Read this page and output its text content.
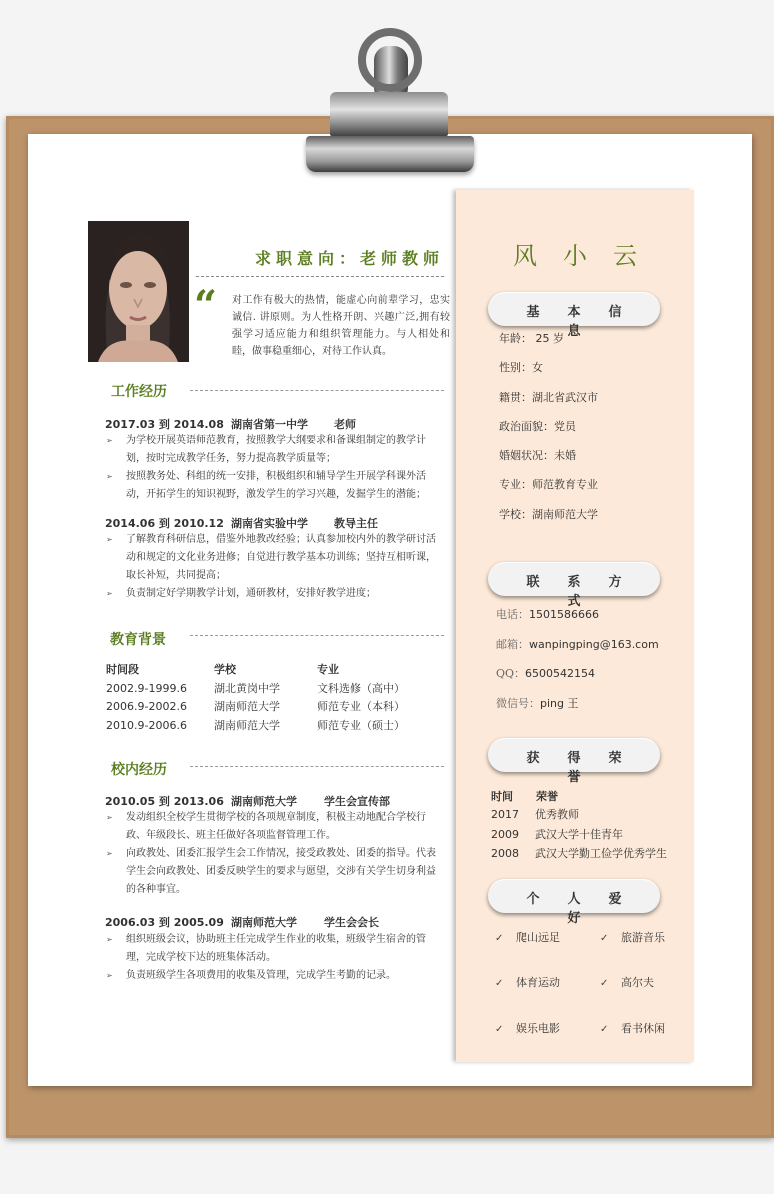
求职意向：老师教师
“ 对工作有极大的热情，能虚心向前辈学习，忠实诚信. 讲原则。为人性格开朗、兴趣广泛,拥有较强学习适应能力和组织管理能力。与人相处和睦，做事稳重细心，对待工作认真。
工作经历
2017.03 到 2014.08 湖南省第一中学 老师
➢ 为学校开展英语师范教育，按照教学大纲要求和备课组制定的教学计划，按时完成教学任务，努力提高教学质量等；
➢ 按照教务处、科组的统一安排，积极组织和辅导学生开展学科课外活动，开拓学生的知识视野，激发学生的学习兴趣，发掘学生的潜能；
2014.06 到 2010.12 湖南省实验中学 教导主任
➢ 了解教育科研信息，借鉴外地教改经验；认真参加校内外的教学研讨活动和规定的文化业务进修；自觉进行教学基本功训练；坚持互相听课，取长补短，共同提高；
➢ 负责制定好学期教学计划，通研教材，安排好教学进度；
教育背景
时间段	学校	专业
2002.9-1999.6	湖北黄岗中学	文科选修（高中）
2006.9-2002.6	湖南师范大学	师范专业（本科）
2010.9-2006.6	湖南师范大学	师范专业（硕士）
校内经历
2010.05 到 2013.06 湖南师范大学 学生会宣传部
➢ 发动组织全校学生贯彻学校的各项规章制度，积极主动地配合学校行政、年级段长、班主任做好各项监督管理工作。
➢ 向政教处、团委汇报学生会工作情况，接受政教处、团委的指导。代表学生会向政教处、团委反映学生的要求与愿望，交涉有关学生切身利益的各种事宜。
2006.03 到 2005.09 湖南师范大学 学生会会长
➢ 组织班级会议，协助班主任完成学生作业的收集，班级学生宿舍的管理，完成学校下达的班集体活动。
➢ 负责班级学生各项费用的收集及管理，完成学生考勤的记录。
风小云
基本信息
年龄： 25 岁
性别：女
籍贯：湖北省武汉市
政治面貌：党员
婚姻状况：未婚
专业：师范教育专业
学校：湖南师范大学
联系方式
电话：1501586666
邮箱：wanpingping@163.com
QQ：6500542154
微信号：ping 王
获得荣誉
时间 荣誉
2017	优秀教师
2009	武汉大学十佳青年
2008	武汉大学勤工俭学优秀学生
个人爱好
✓ 爬山远足	✓ 旅游音乐
✓ 体育运动	✓ 高尔夫
✓ 娱乐电影	✓ 看书休闲
